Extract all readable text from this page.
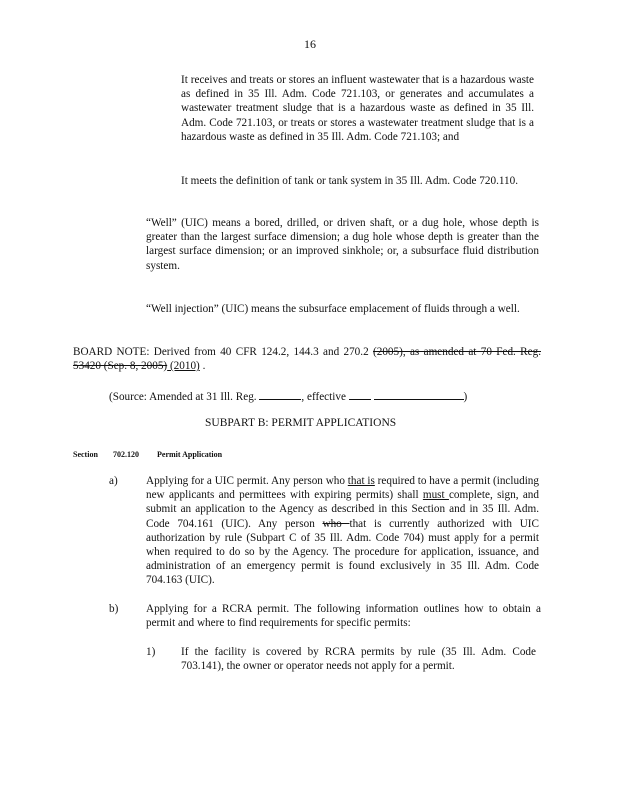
16
It receives and treats or stores an influent wastewater that is a hazardous waste as defined in 35 Ill. Adm. Code 721.103, or generates and accumulates a wastewater treatment sludge that is a hazardous waste as defined in 35 Ill. Adm. Code 721.103, or treats or stores a wastewater treatment sludge that is a hazardous waste as defined in 35 Ill. Adm. Code 721.103; and
It meets the definition of tank or tank system in 35 Ill. Adm. Code 720.110.
“Well” (UIC) means a bored, drilled, or driven shaft, or a dug hole, whose depth is greater than the largest surface dimension; a dug hole whose depth is greater than the largest surface dimension; or an improved sinkhole; or, a subsurface fluid distribution system.
“Well injection” (UIC) means the subsurface emplacement of fluids through a well.
BOARD NOTE: Derived from 40 CFR 124.2, 144.3 and 270.2 (2005), as amended at 70 Fed. Reg. 53420 (Sep. 8, 2005) (2010) .
(Source: Amended at 31 Ill. Reg.	, effective	)
SUBPART B: PERMIT APPLICATIONS
Section 702.120 Permit Application
a)	Applying for a UIC permit. Any person who that is required to have a permit (including new applicants and permittees with expiring permits) shall must complete, sign, and submit an application to the Agency as described in this Section and in 35 Ill. Adm. Code 704.161 (UIC). Any person who that is currently authorized with UIC authorization by rule (Subpart C of 35 Ill. Adm. Code 704) must apply for a permit when required to do so by the Agency. The procedure for application, issuance, and administration of an emergency permit is found exclusively in 35 Ill. Adm. Code 704.163 (UIC).
b) Applying for a RCRA permit. The following information outlines how to obtain a permit and where to find requirements for specific permits:
1) If the facility is covered by RCRA permits by rule (35 Ill. Adm. Code 703.141), the owner or operator needs not apply for a permit.
